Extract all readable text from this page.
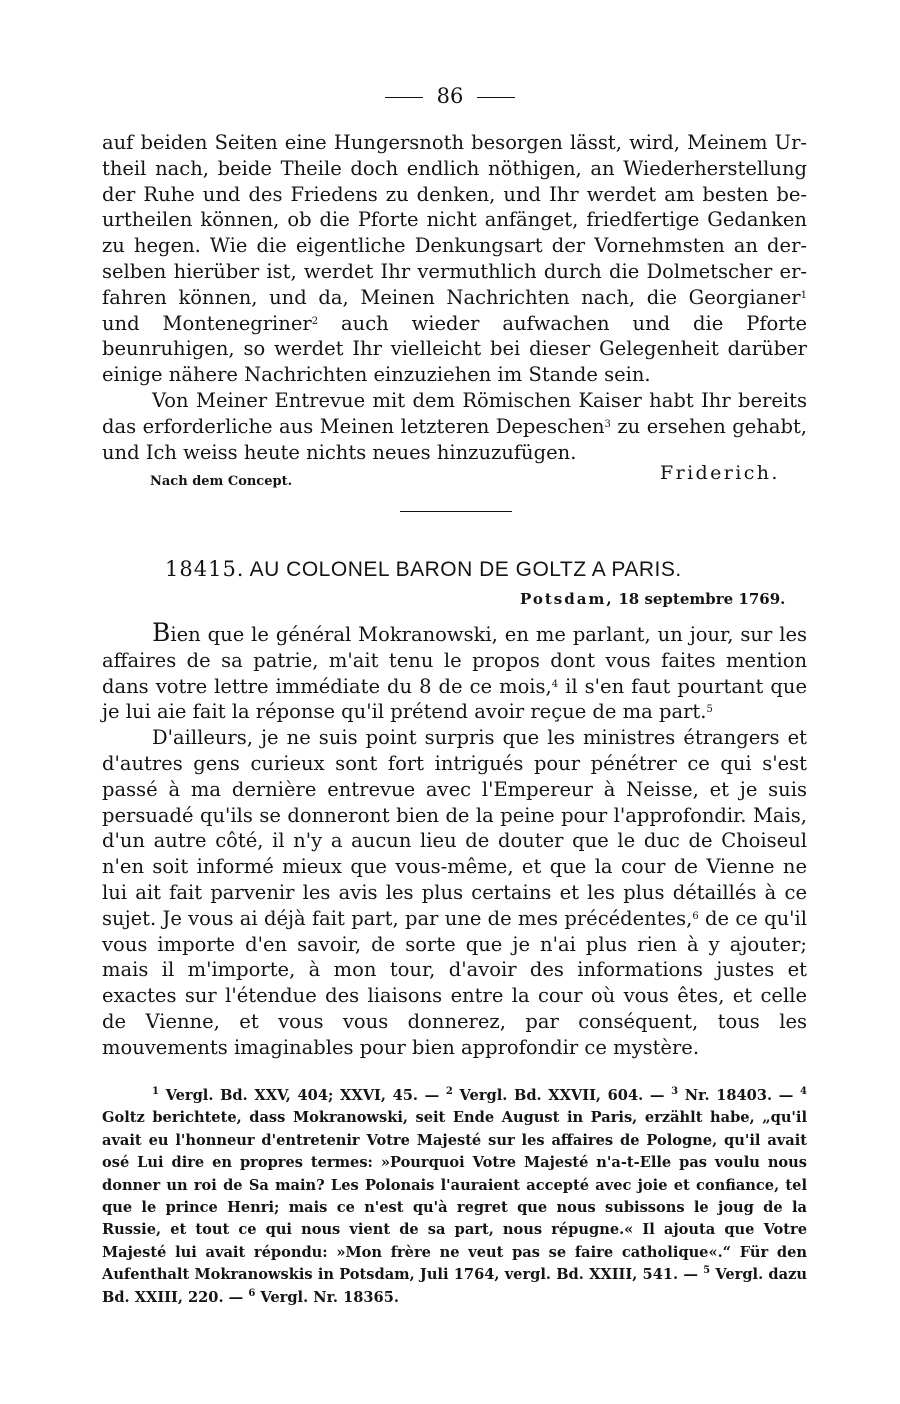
86

auf beiden Seiten eine Hungersnoth besorgen lässt, wird, Meinem Urtheil nach, beide Theile doch endlich nöthigen, an Wiederherstellung der Ruhe und des Friedens zu denken, und Ihr werdet am besten beurtheilen können, ob die Pforte nicht anfänget, friedfertige Gedanken zu hegen. Wie die eigentliche Denkungsart der Vornehmsten an derselben hierüber ist, werdet Ihr vermuthlich durch die Dolmetscher erfahren können, und da, Meinen Nachrichten nach, die Georgianer$^1$ und Montenegriner$^2$ auch wieder aufwachen und die Pforte beunruhigen, so werdet Ihr vielleicht bei dieser Gelegenheit darüber einige nähere Nachrichten einzuziehen im Stande sein.

Von Meiner Entrevue mit dem Römischen Kaiser habt Ihr bereits das erforderliche aus Meinen letzteren Depeschen$^3$ zu ersehen gehabt, und Ich weiss heute nichts neues hinzuzufügen.

Nach dem Concept.	Friderich.
18415. AU COLONEL BARON DE GOLTZ A PARIS.
Potsdam, 18 septembre 1769.

Bien que le général Mokranowski, en me parlant, un jour, sur les affaires de sa patrie, m'ait tenu le propos dont vous faites mention dans votre lettre immédiate du 8 de ce mois,$^4$ il s'en faut pourtant que je lui aie fait la réponse qu'il prétend avoir reçue de ma part.$^5$

D'ailleurs, je ne suis point surpris que les ministres étrangers et d'autres gens curieux sont fort intrigués pour pénétrer ce qui s'est passé à ma dernière entrevue avec l'Empereur à Neisse, et je suis persuadé qu'ils se donneront bien de la peine pour l'approfondir. Mais, d'un autre côté, il n'y a aucun lieu de douter que le duc de Choiseul n'en soit informé mieux que vous-même, et que la cour de Vienne ne lui ait fait parvenir les avis les plus certains et les plus détaillés à ce sujet. Je vous ai déjà fait part, par une de mes précédentes,$^6$ de ce qu'il vous importe d'en savoir, de sorte que je n'ai plus rien à y ajouter; mais il m'importe, à mon tour, d'avoir des informations justes et exactes sur l'étendue des liaisons entre la cour où vous êtes, et celle de Vienne, et vous vous donnerez, par conséquent, tous les mouvements imaginables pour bien approfondir ce mystère.

$^1$ Vergl. Bd. XXV, 404; XXVI, 45. — $^2$ Vergl. Bd. XXVII, 604. — $^3$ Nr. 18403. — $^4$ Goltz berichtete, dass Mokranowski, seit Ende August in Paris, erzählt habe, „qu'il avait eu l'honneur d'entretenir Votre Majesté sur les affaires de Pologne, qu'il avait osé Lui dire en propres termes: »Pourquoi Votre Majesté n'a-t-Elle pas voulu nous donner un roi de Sa main? Les Polonais l'auraient accepté avec joie et confiance, tel que le prince Henri; mais ce n'est qu'à regret que nous subissons le joug de la Russie, et tout ce qui nous vient de sa part, nous répugne.« Il ajouta que Votre Majesté lui avait répondu: »Mon frère ne veut pas se faire catholique«.“ Für den Aufenthalt Mokranowskis in Potsdam, Juli 1764, vergl. Bd. XXIII, 541. — $^5$ Vergl. dazu Bd. XXIII, 220. — $^6$ Vergl. Nr. 18365.
